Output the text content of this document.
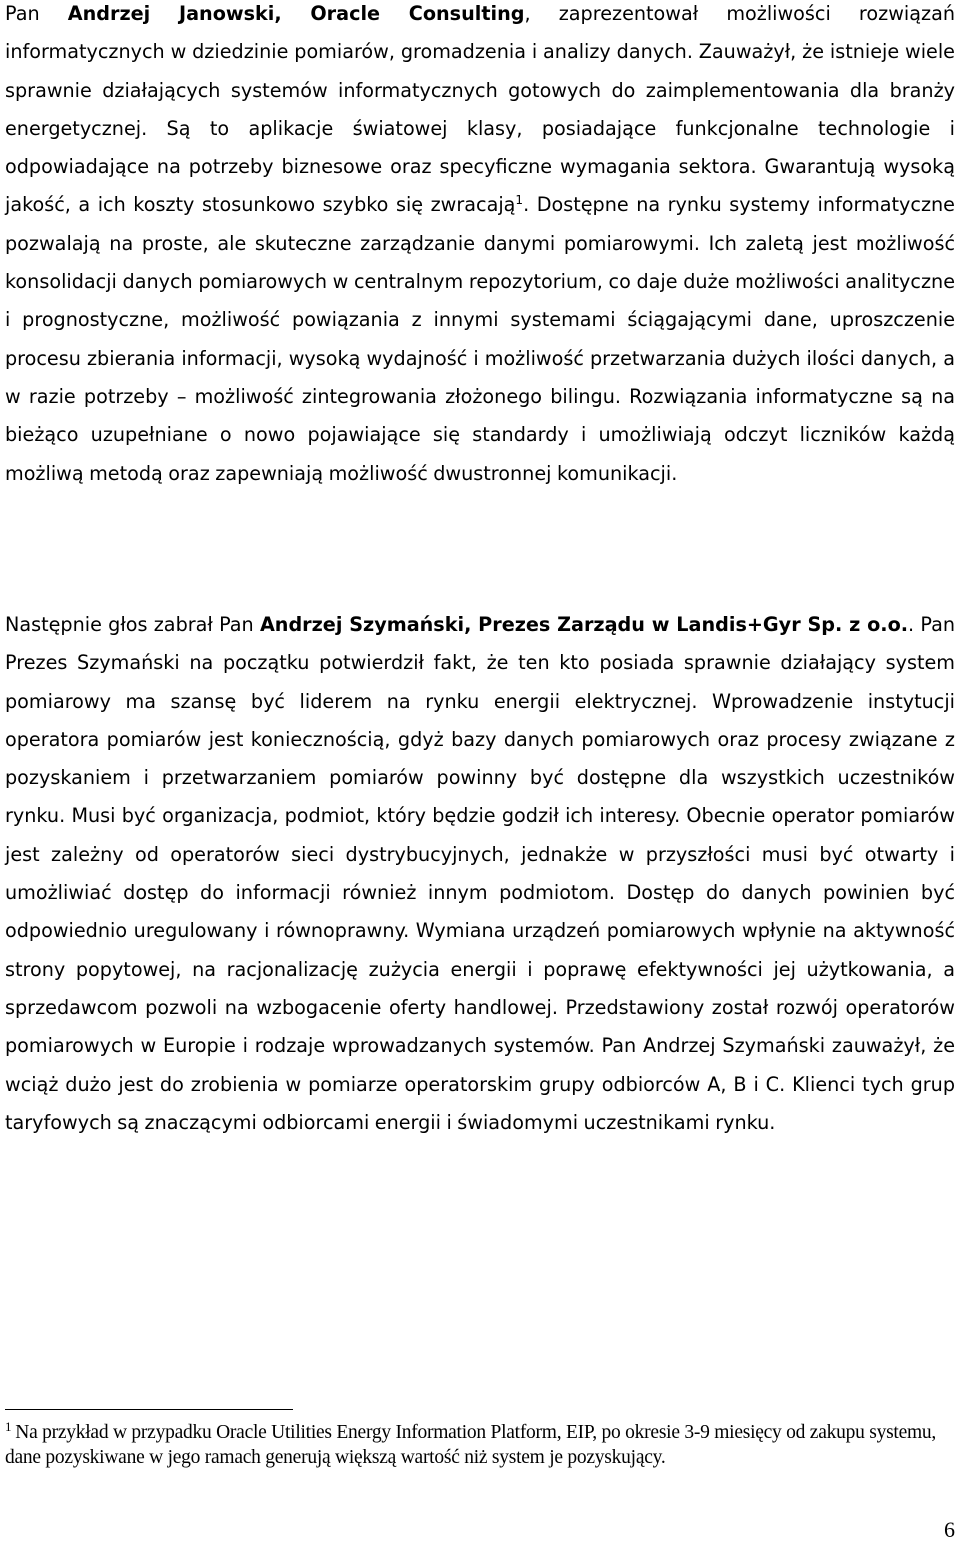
Pan Andrzej Janowski, Oracle Consulting, zaprezentował możliwości rozwiązań informatycznych w dziedzinie pomiarów, gromadzenia i analizy danych. Zauważył, że istnieje wiele sprawnie działających systemów informatycznych gotowych do zaimplementowania dla branży energetycznej. Są to aplikacje światowej klasy, posiadające funkcjonalne technologie i odpowiadające na potrzeby biznesowe oraz specyficzne wymagania sektora. Gwarantują wysoką jakość, a ich koszty stosunkowo szybko się zwracają$^1$. Dostępne na rynku systemy informatyczne pozwalają na proste, ale skuteczne zarządzanie danymi pomiarowymi. Ich zaletą jest możliwość konsolidacji danych pomiarowych w centralnym repozytorium, co daje duże możliwości analityczne i prognostyczne, możliwość powiązania z innymi systemami ściągającymi dane, uproszczenie procesu zbierania informacji, wysoką wydajność i możliwość przetwarzania dużych ilości danych, a w razie potrzeby – możliwość zintegrowania złożonego bilingu. Rozwiązania informatyczne są na bieżąco uzupełniane o nowo pojawiające się standardy i umożliwiają odczyt liczników każdą możliwą metodą oraz zapewniają możliwość dwustronnej komunikacji.

Następnie głos zabrał Pan Andrzej Szymański, Prezes Zarządu w Landis+Gyr Sp. z o.o.. Pan Prezes Szymański na początku potwierdził fakt, że ten kto posiada sprawnie działający system pomiarowy ma szansę być liderem na rynku energii elektrycznej. Wprowadzenie instytucji operatora pomiarów jest koniecznością, gdyż bazy danych pomiarowych oraz procesy związane z pozyskaniem i przetwarzaniem pomiarów powinny być dostępne dla wszystkich uczestników rynku. Musi być organizacja, podmiot, który będzie godził ich interesy. Obecnie operator pomiarów jest zależny od operatorów sieci dystrybucyjnych, jednakże w przyszłości musi być otwarty i umożliwiać dostęp do informacji również innym podmiotom. Dostęp do danych powinien być odpowiednio uregulowany i równoprawny. Wymiana urządzeń pomiarowych wpłynie na aktywność strony popytowej, na racjonalizację zużycia energii i poprawę efektywności jej użytkowania, a sprzedawcom pozwoli na wzbogacenie oferty handlowej. Przedstawiony został rozwój operatorów pomiarowych w Europie i rodzaje wprowadzanych systemów. Pan Andrzej Szymański zauważył, że wciąż dużo jest do zrobienia w pomiarze operatorskim grupy odbiorców A, B i C. Klienci tych grup taryfowych są znaczącymi odbiorcami energii i świadomymi uczestnikami rynku.

$^1$ Na przykład w przypadku Oracle Utilities Energy Information Platform, EIP, po okresie 3-9 miesięcy od zakupu systemu, dane pozyskiwane w jego ramach generują większą wartość niż system je pozyskujący.

6
